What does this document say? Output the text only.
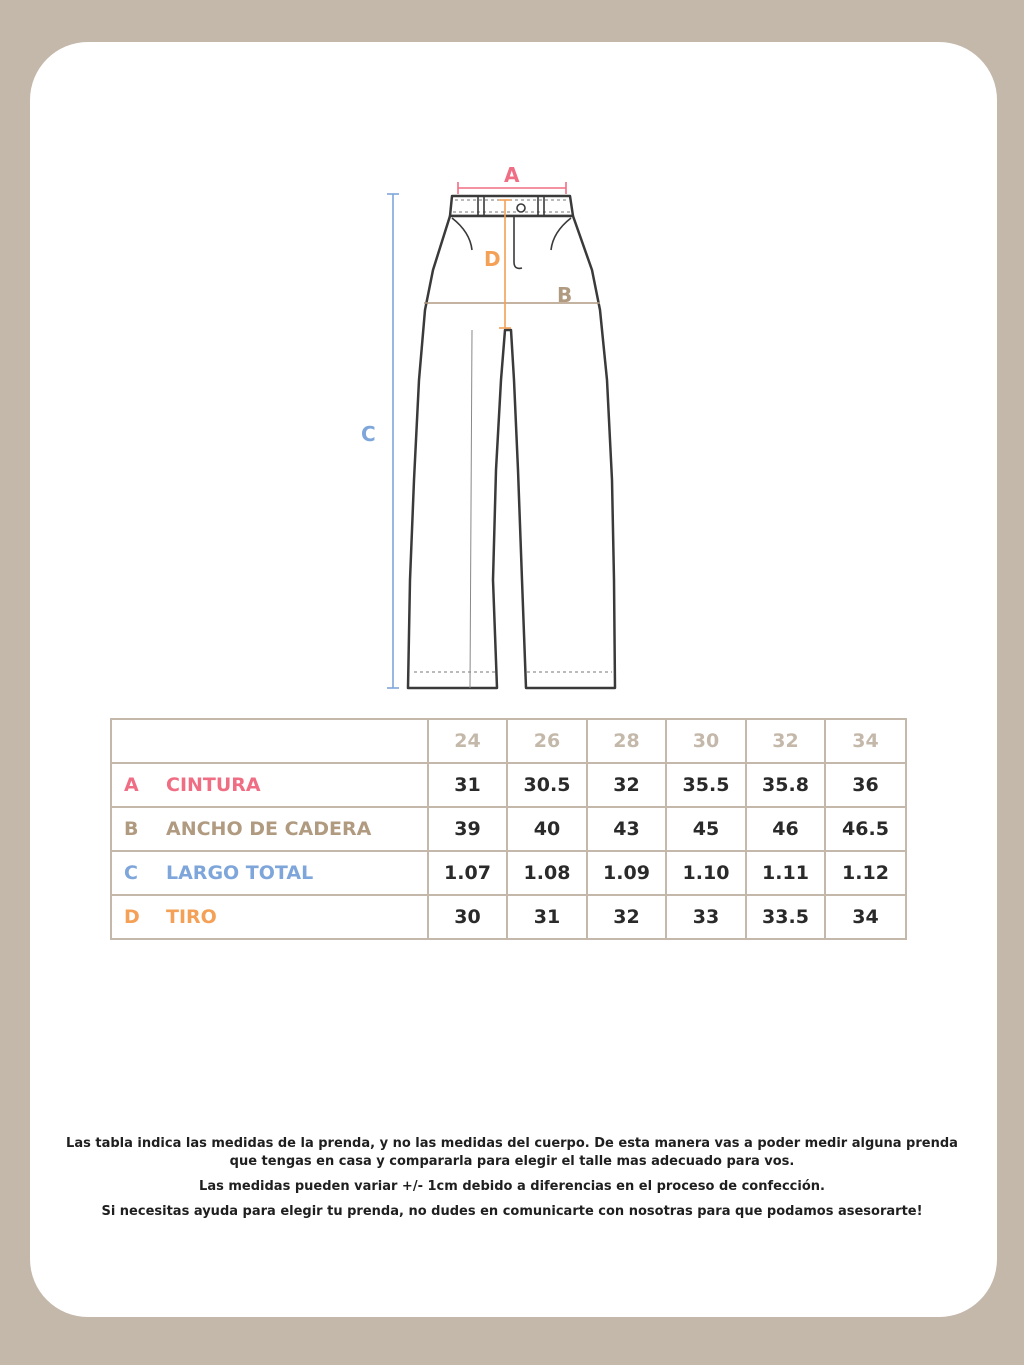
A
B
C
D
	24	26	28	30	32	34
A CINTURA	31	30.5	32	35.5	35.8	36
B ANCHO DE CADERA	39	40	43	45	46	46.5
C LARGO TOTAL	1.07	1.08	1.09	1.10	1.11	1.12
D TIRO	30	31	32	33	33.5	34

Las tabla indica las medidas de la prenda, y no las medidas del cuerpo. De esta manera vas a poder medir alguna prenda
que tengas en casa y compararla para elegir el talle mas adecuado para vos.

Las medidas pueden variar +/- 1cm debido a diferencias en el proceso de confección.

Si necesitas ayuda para elegir tu prenda, no dudes en comunicarte con nosotras para que podamos asesorarte!
